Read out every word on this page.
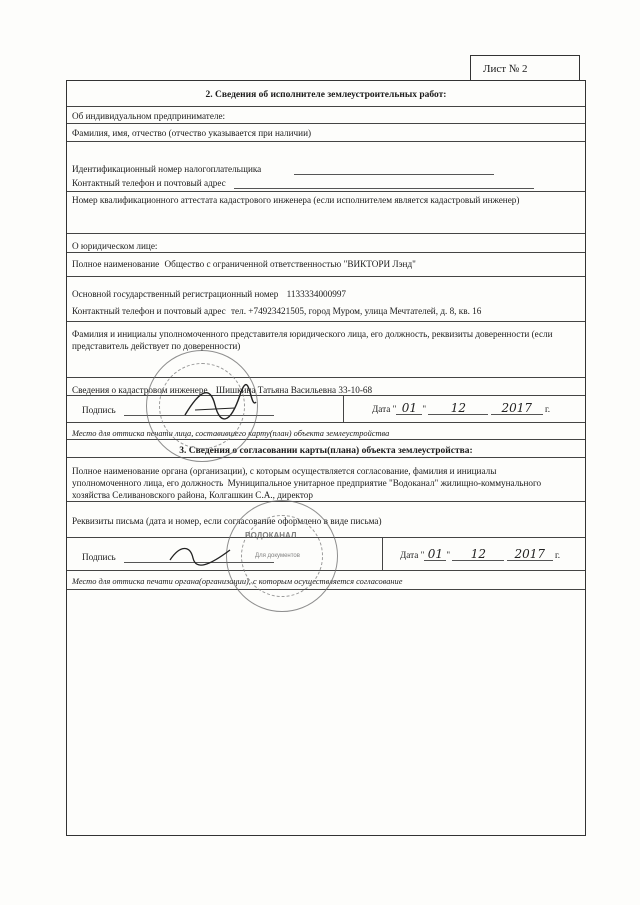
Лист № 2
2. Сведения об исполнителе землеустроительных работ:
Об индивидуальном предпринимателе:
Фамилия, имя, отчество (отчество указывается при наличии)
Идентификационный номер налогоплательщика
Контактный телефон и почтовый адрес
Номер квалификационного аттестата кадастрового инженера (если исполнителем является кадастровый инженер)
О юридическом лице:
Полное наименование Общество с ограниченной ответственностью "ВИКТОРИ Лэнд"
Основной государственный регистрационный номер 1133334000997
Контактный телефон и почтовый адрес тел. +74923421505, город Муром, улица Мечтателей, д. 8, кв. 16
Фамилия и инициалы уполномоченного представителя юридического лица, его должность, реквизиты доверенности (если представитель действует по доверенности)
Сведения о кадастровом инженере Шишкина Татьяна Васильевна 33-10-68
Подпись	Дата " 01 " 12	2017 г.
Место для оттиска печати лица, составившего карту(план) объекта землеустройства
3. Сведения о согласовании карты(плана) объекта землеустройства:
Полное наименование органа (организации), с которым осуществляется согласование, фамилия и инициалы уполномоченного лица, его должность Муниципальное унитарное предприятие "Водоканал" жилищно-коммунального хозяйства Селивановского района, Колгашкин С.А., директор
Реквизиты письма (дата и номер, если согласование оформлено в виде письма)
Подпись	Дата " 01 " 12 2017 г.
Место для оттиска печати органа(организации), с которым осуществляется согласование
ВОДОКАНАЛ
Для документов
